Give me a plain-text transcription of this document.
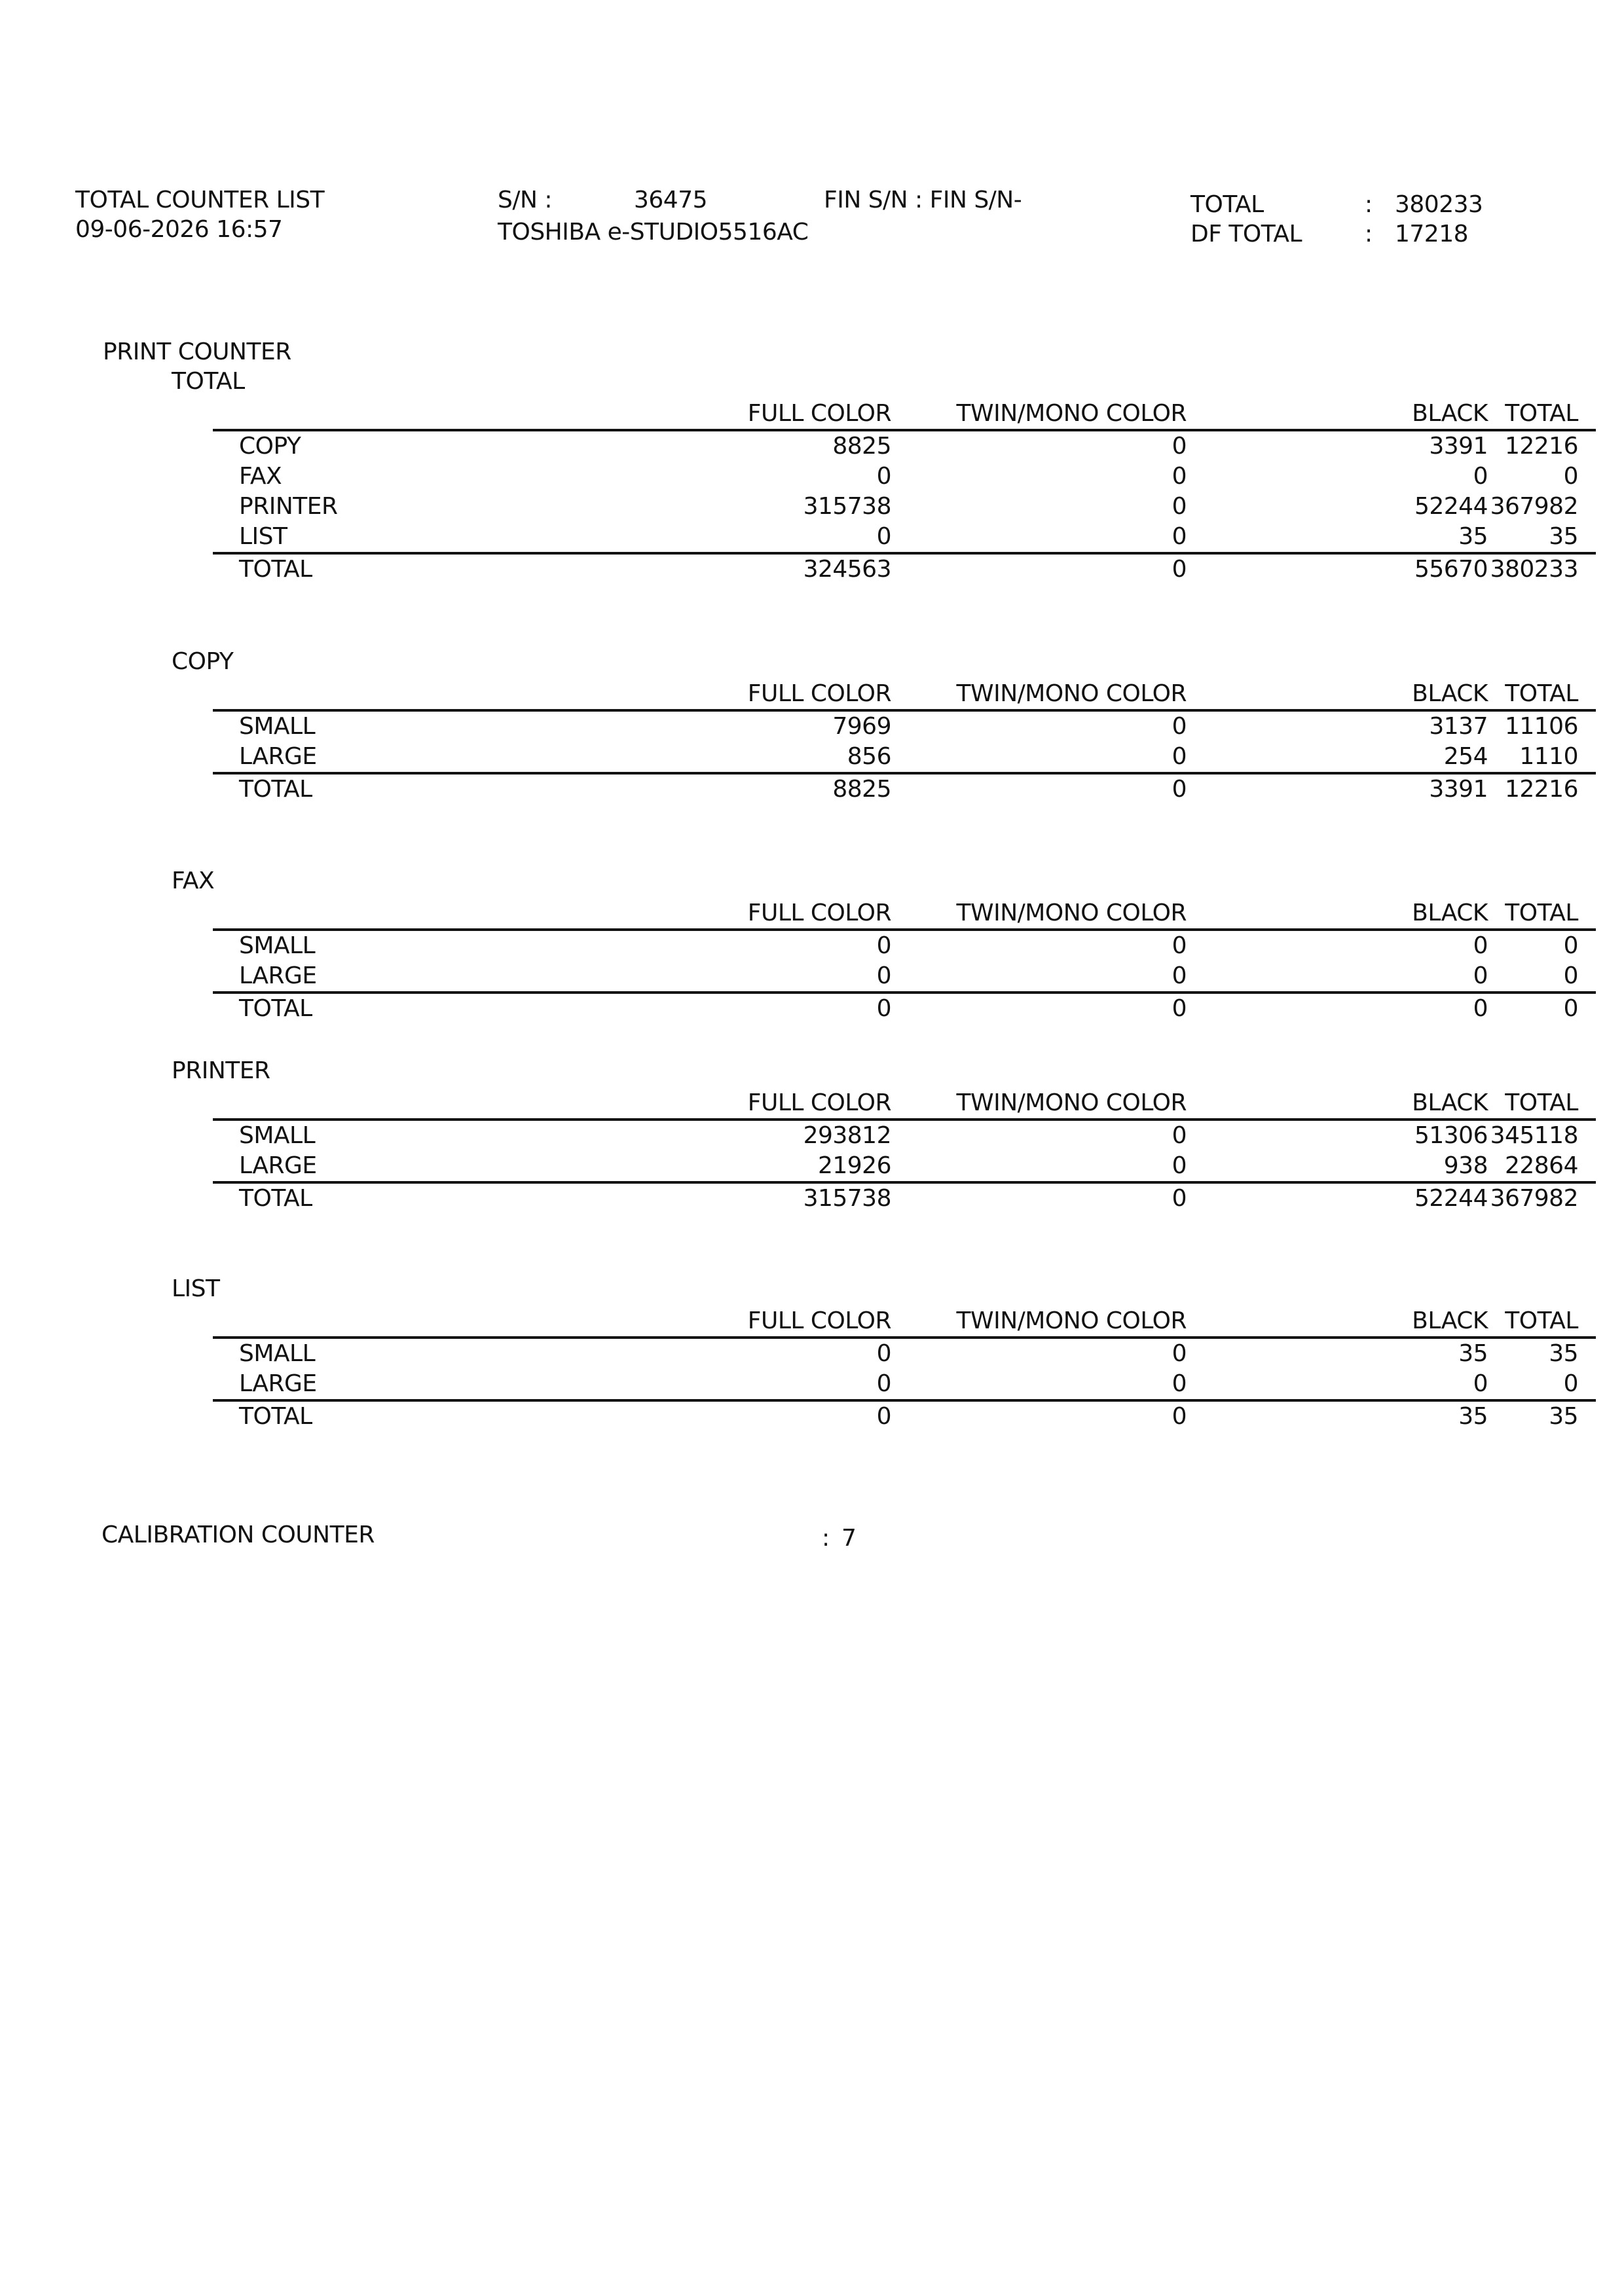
TOTAL COUNTER LIST
09-06-2026 16:57
S/N :	36475	FIN S/N : FIN S/N-
TOSHIBA e-STUDIO5516AC
TOTAL	: 380233
DF TOTAL	: 17218
PRINT COUNTER
TOTAL
FULL COLOR	TWIN/MONO COLOR	BLACK TOTAL
COPY	8825	0	3391 12216
FAX	0	0	0	0
PRINTER	315738	0	52244 367982
LIST	0	0	35	35
TOTAL	324563	0	55670 380233
COPY
FULL COLOR	TWIN/MONO COLOR	BLACK TOTAL
SMALL	7969	0	3137 11106
LARGE	856	0	254 1110
TOTAL	8825	0	3391 12216
FAX
FULL COLOR	TWIN/MONO COLOR	BLACK TOTAL
SMALL	0	0	0	0
LARGE	0	0	0	0
TOTAL	0	0	0	0
PRINTER
FULL COLOR	TWIN/MONO COLOR	BLACK TOTAL
SMALL	293812	0	51306 345118
LARGE	21926	0	938 22864
TOTAL	315738	0	52244 367982
LIST
FULL COLOR	TWIN/MONO COLOR	BLACK TOTAL
SMALL	0	0	35	35
LARGE	0	0	0	0
TOTAL	0	0	35	35
CALIBRATION COUNTER	: 7
